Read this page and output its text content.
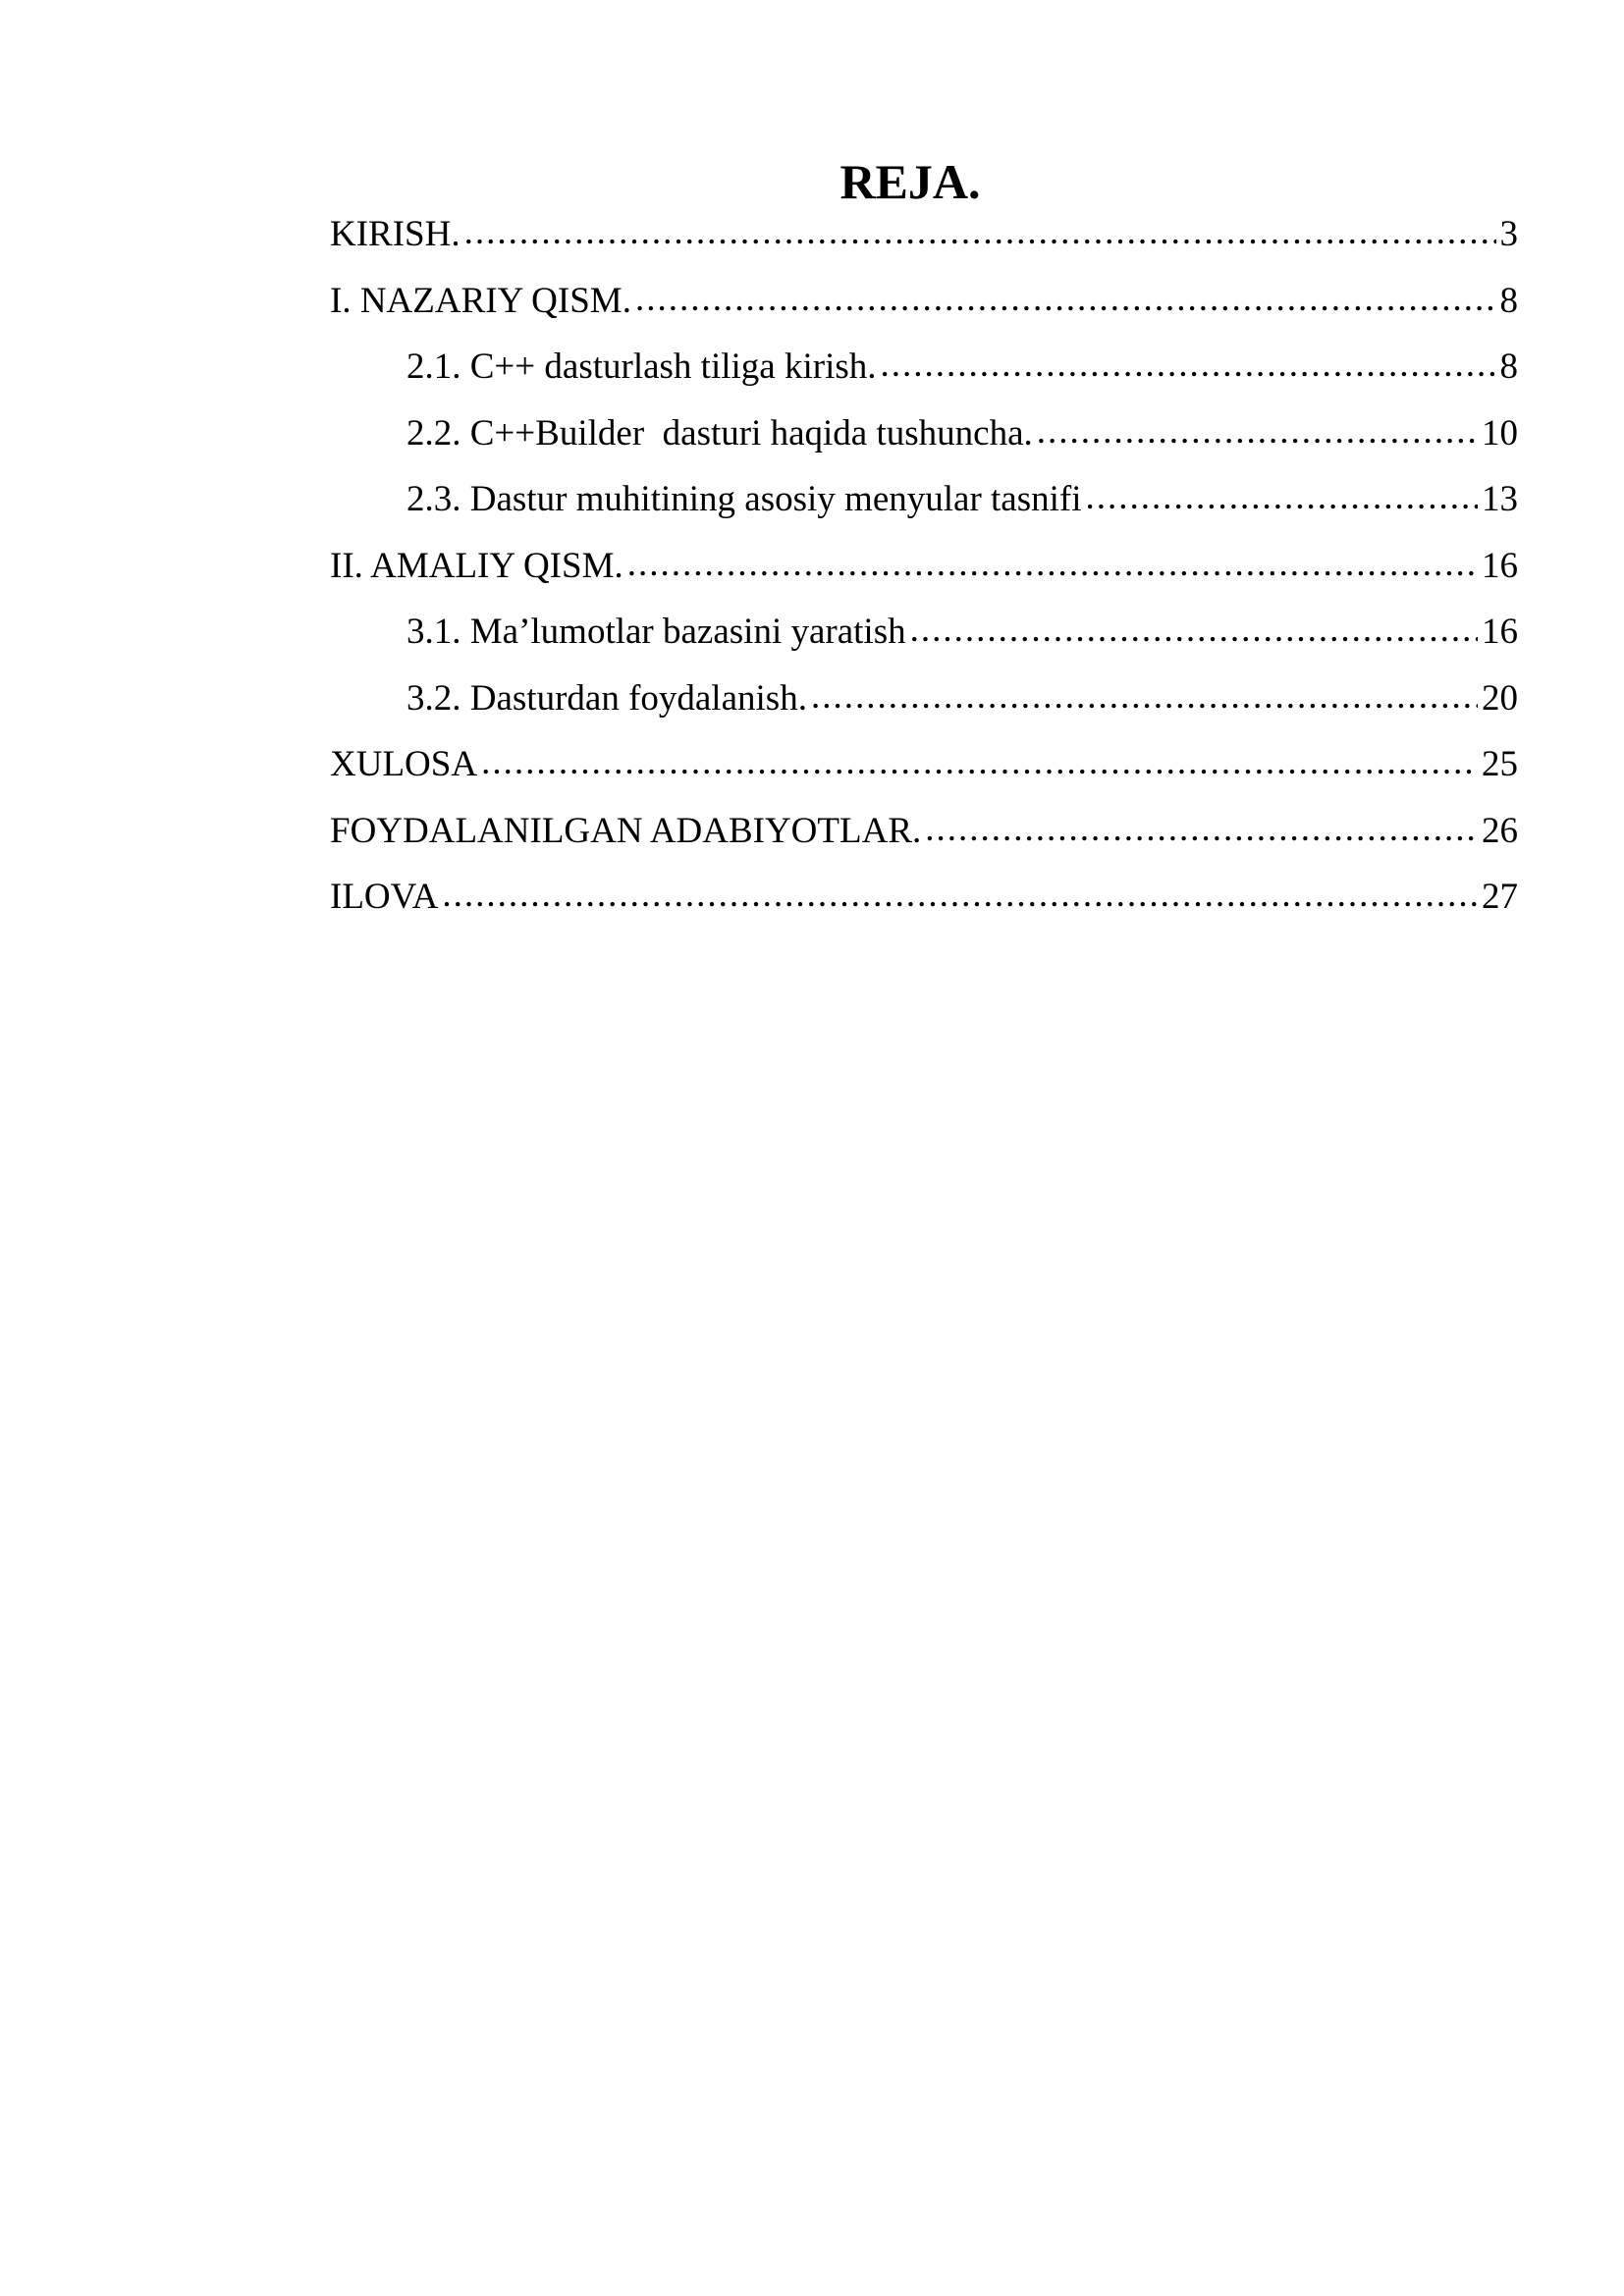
REJA.
KIRISH. .....	3
I. NAZARIY QISM. .....	8
2.1. C++ dasturlash tiliga kirish. .....	8
2.2. C++Builder  dasturi haqida tushuncha. .....	10
2.3. Dastur muhitining asosiy menyular tasnifi .....	13
II. AMALIY QISM. .....	16
3.1. Ma’lumotlar bazasini yaratish .....	16
3.2. Dasturdan foydalanish. .....	20
XULOSA .....	25
FOYDALANILGAN ADABIYOTLAR. .....	26
ILOVA .....	27
